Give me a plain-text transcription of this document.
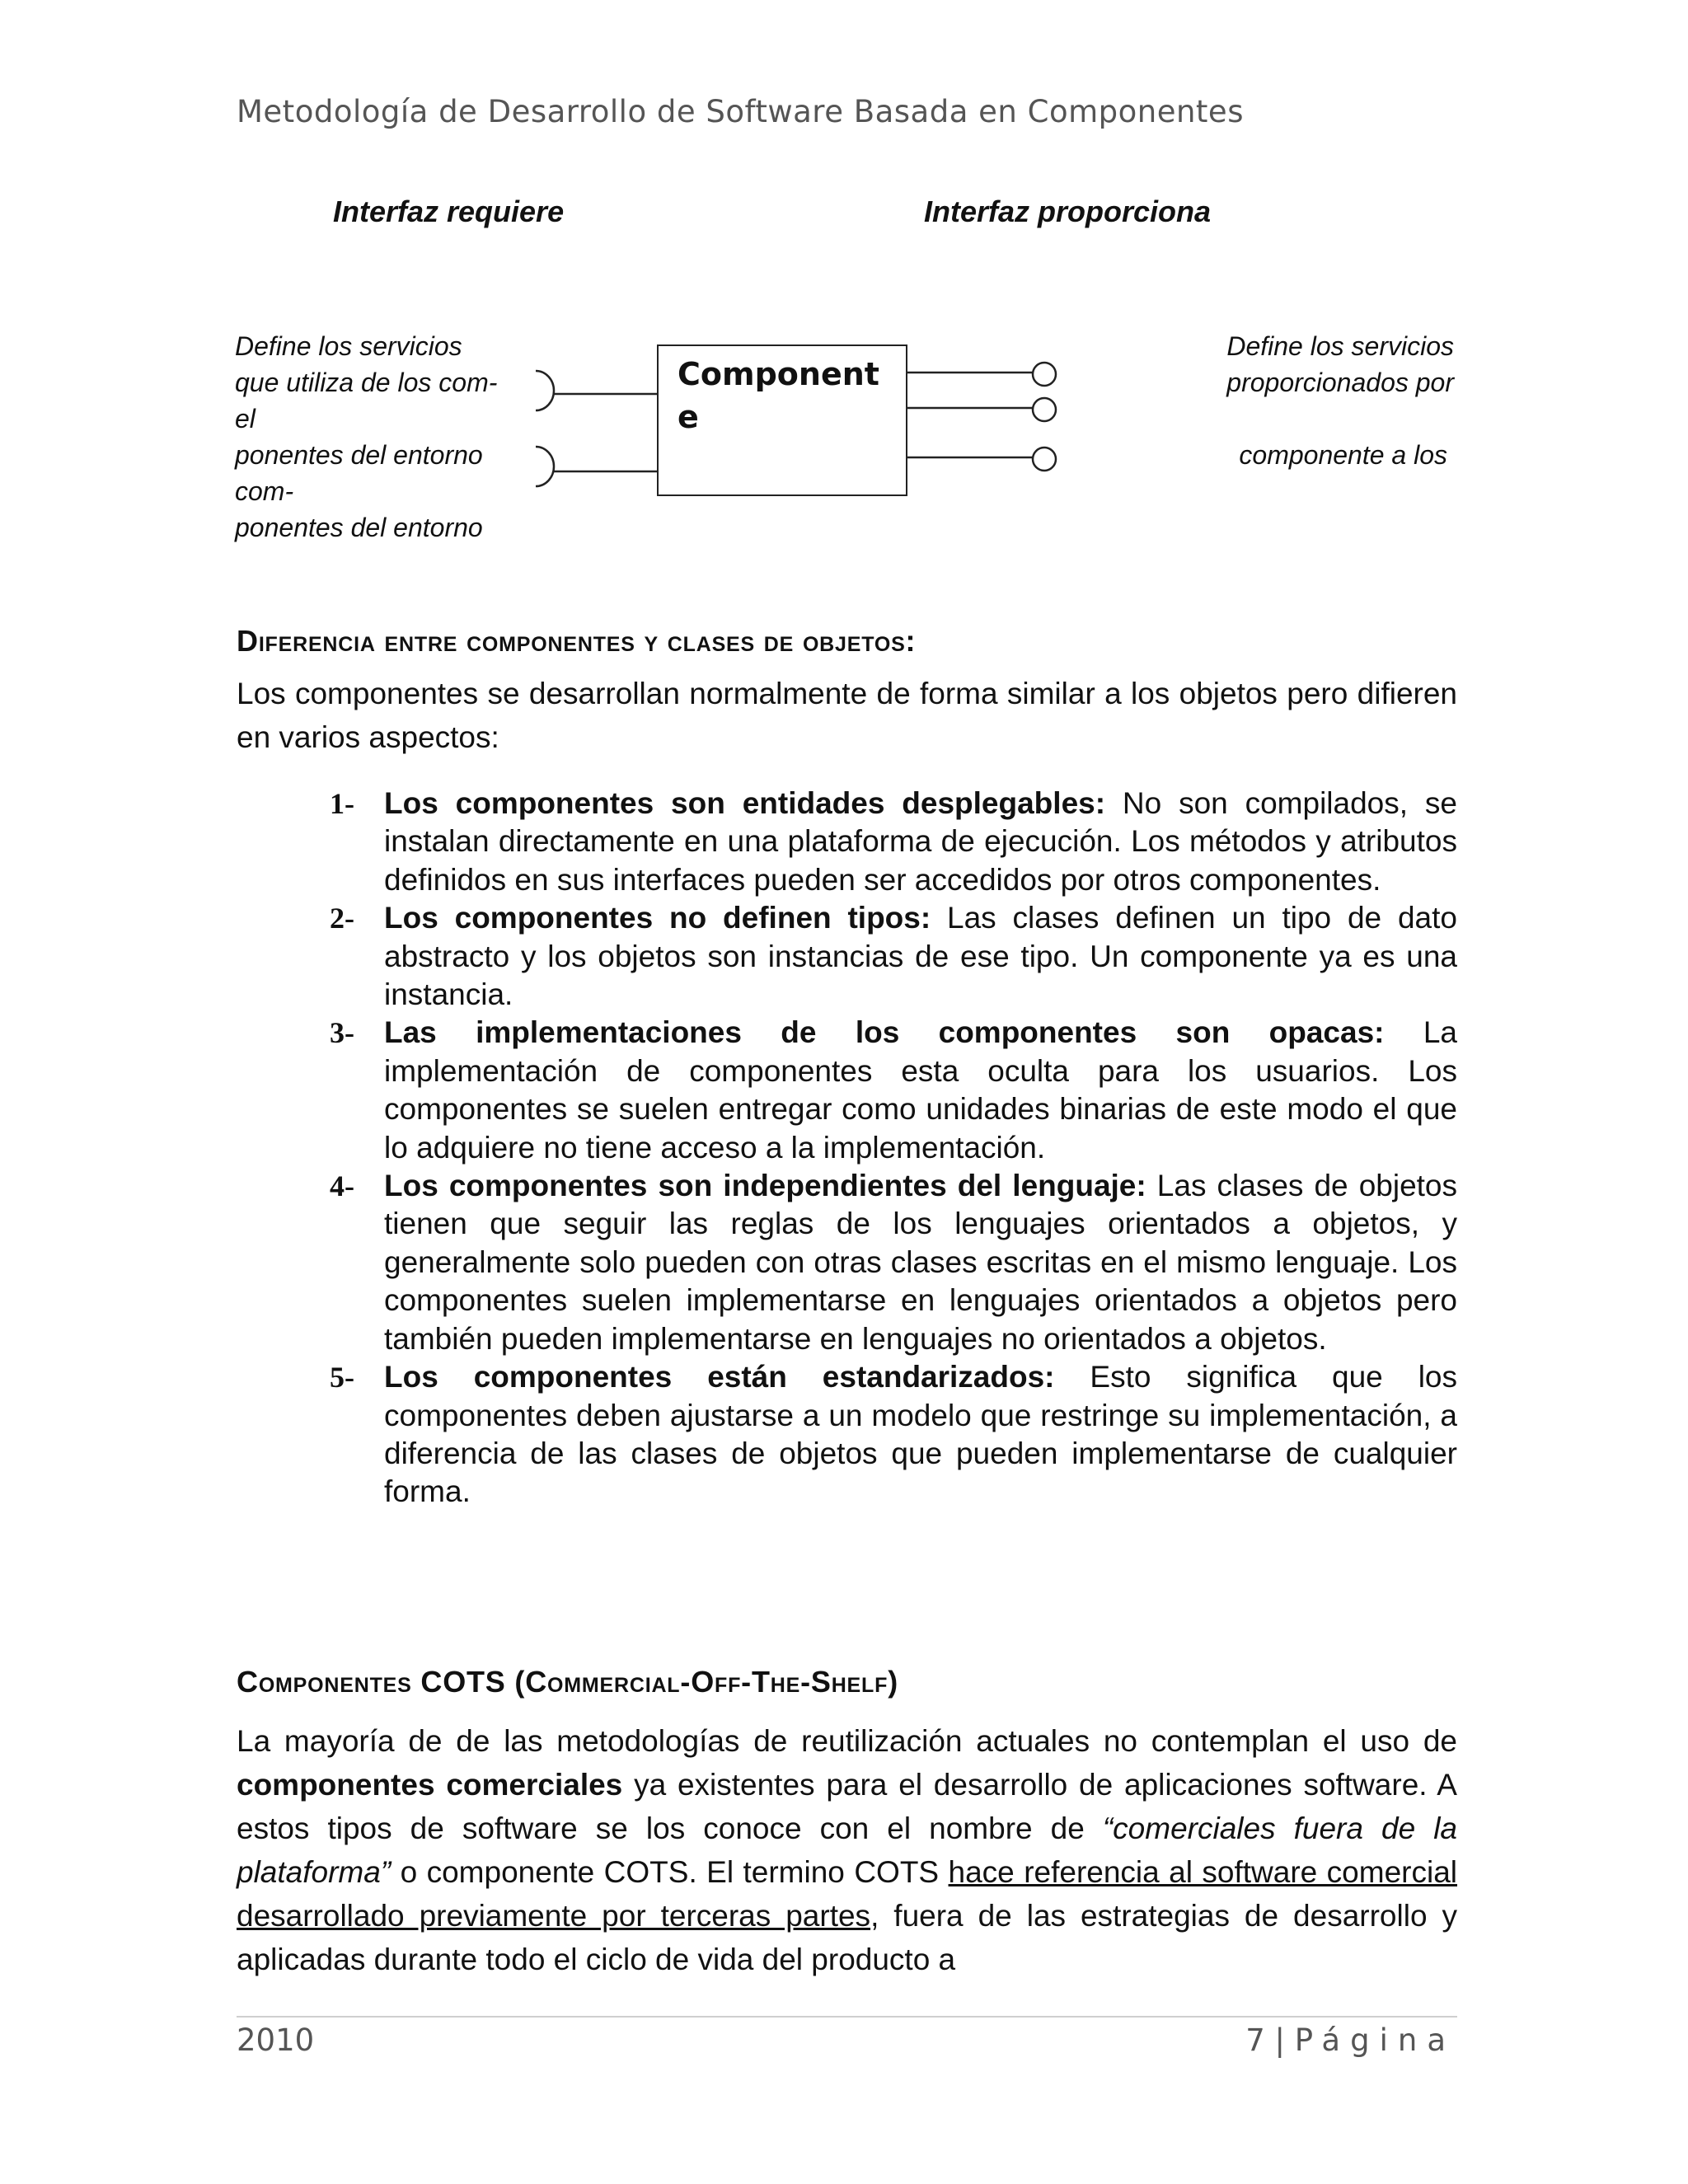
Metodología de Desarrollo de Software Basada en Componentes
Interfaz requiere	Interfaz proporciona
Define los servicios
que utiliza de los com-
el
ponentes del entorno
com-
ponentes del entorno
Define los servicios
proporcionados por
componente a los
Component
e
Diferencia entre componentes y clases de objetos:
Los componentes se desarrollan normalmente de forma similar a los objetos pero difieren en varios aspectos:
1- Los componentes son entidades desplegables: No son compilados, se instalan directamente en una plataforma de ejecución. Los métodos y atributos definidos en sus interfaces pueden ser accedidos por otros componentes.
2- Los componentes no definen tipos: Las clases definen un tipo de dato abstracto y los objetos son instancias de ese tipo. Un componente ya es una instancia.
3- Las implementaciones de los componentes son opacas: La implementación de componentes esta oculta para los usuarios. Los componentes se suelen entregar como unidades binarias de este modo el que lo adquiere no tiene acceso a la implementación.
4- Los componentes son independientes del lenguaje: Las clases de objetos tienen que seguir las reglas de los lenguajes orientados a objetos, y generalmente solo pueden con otras clases escritas en el mismo lenguaje. Los componentes suelen implementarse en lenguajes orientados a objetos pero también pueden implementarse en lenguajes no orientados a objetos.
5- Los componentes están estandarizados: Esto significa que los componentes deben ajustarse a un modelo que restringe su implementación, a diferencia de las clases de objetos que pueden implementarse de cualquier forma.
Componentes COTS (Commercial-Off-The-Shelf)
La mayoría de de las metodologías de reutilización actuales no contemplan el uso de componentes comerciales ya existentes para el desarrollo de aplicaciones software. A estos tipos de software se los conoce con el nombre de “comerciales fuera de la plataforma” o componente COTS. El termino COTS hace referencia al software comercial desarrollado previamente por terceras partes, fuera de las estrategias de desarrollo y aplicadas durante todo el ciclo de vida del producto a
2010	7 | Página
